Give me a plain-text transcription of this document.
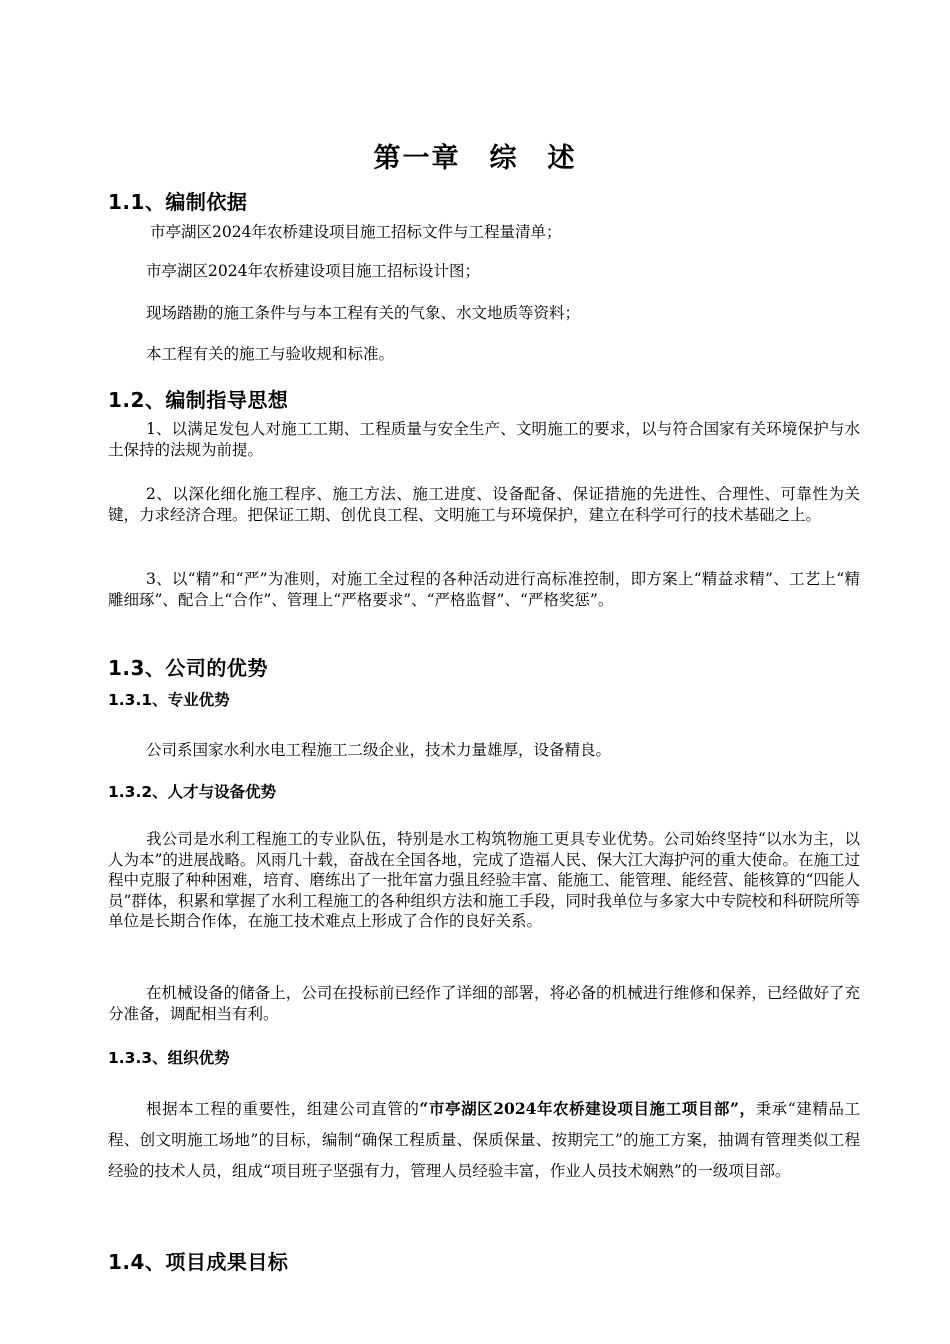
第一章　综　述
1.1、编制依据
市亭湖区2024年农桥建设项目施工招标文件与工程量清单；
市亭湖区2024年农桥建设项目施工招标设计图；
现场踏勘的施工条件与与本工程有关的气象、水文地质等资料；
本工程有关的施工与验收规和标准。
1.2、编制指导思想
1、以满足发包人对施工工期、工程质量与安全生产、文明施工的要求，以与符合国家有关环境保护与水土保持的法规为前提。
2、以深化细化施工程序、施工方法、施工进度、设备配备、保证措施的先进性、合理性、可靠性为关键，力求经济合理。把保证工期、创优良工程、文明施工与环境保护，建立在科学可行的技术基础之上。
3、以“精”和“严”为准则，对施工全过程的各种活动进行高标准控制，即方案上“精益求精”、工艺上“精雕细琢”、配合上“合作”、管理上“严格要求”、“严格监督”、“严格奖惩”。
1.3、公司的优势
1.3.1、专业优势
公司系国家水利水电工程施工二级企业，技术力量雄厚，设备精良。
1.3.2、人才与设备优势
我公司是水利工程施工的专业队伍，特别是水工构筑物施工更具专业优势。公司始终坚持“以水为主，以人为本”的进展战略。风雨几十载，奋战在全国各地，完成了造福人民、保大江大海护河的重大使命。在施工过程中克服了种种困难，培育、磨练出了一批年富力强且经验丰富、能施工、能管理、能经营、能核算的“四能人员”群体，积累和掌握了水利工程施工的各种组织方法和施工手段，同时我单位与多家大中专院校和科研院所等单位是长期合作体，在施工技术难点上形成了合作的良好关系。
在机械设备的储备上，公司在投标前已经作了详细的部署，将必备的机械进行维修和保养，已经做好了充分准备，调配相当有利。
1.3.3、组织优势
根据本工程的重要性，组建公司直管的“市亭湖区2024年农桥建设项目施工项目部”，秉承“建精品工程、创文明施工场地”的目标，编制“确保工程质量、保质保量、按期完工”的施工方案，抽调有管理类似工程经验的技术人员，组成“项目班子坚强有力，管理人员经验丰富，作业人员技术娴熟”的一级项目部。
1.4、项目成果目标
